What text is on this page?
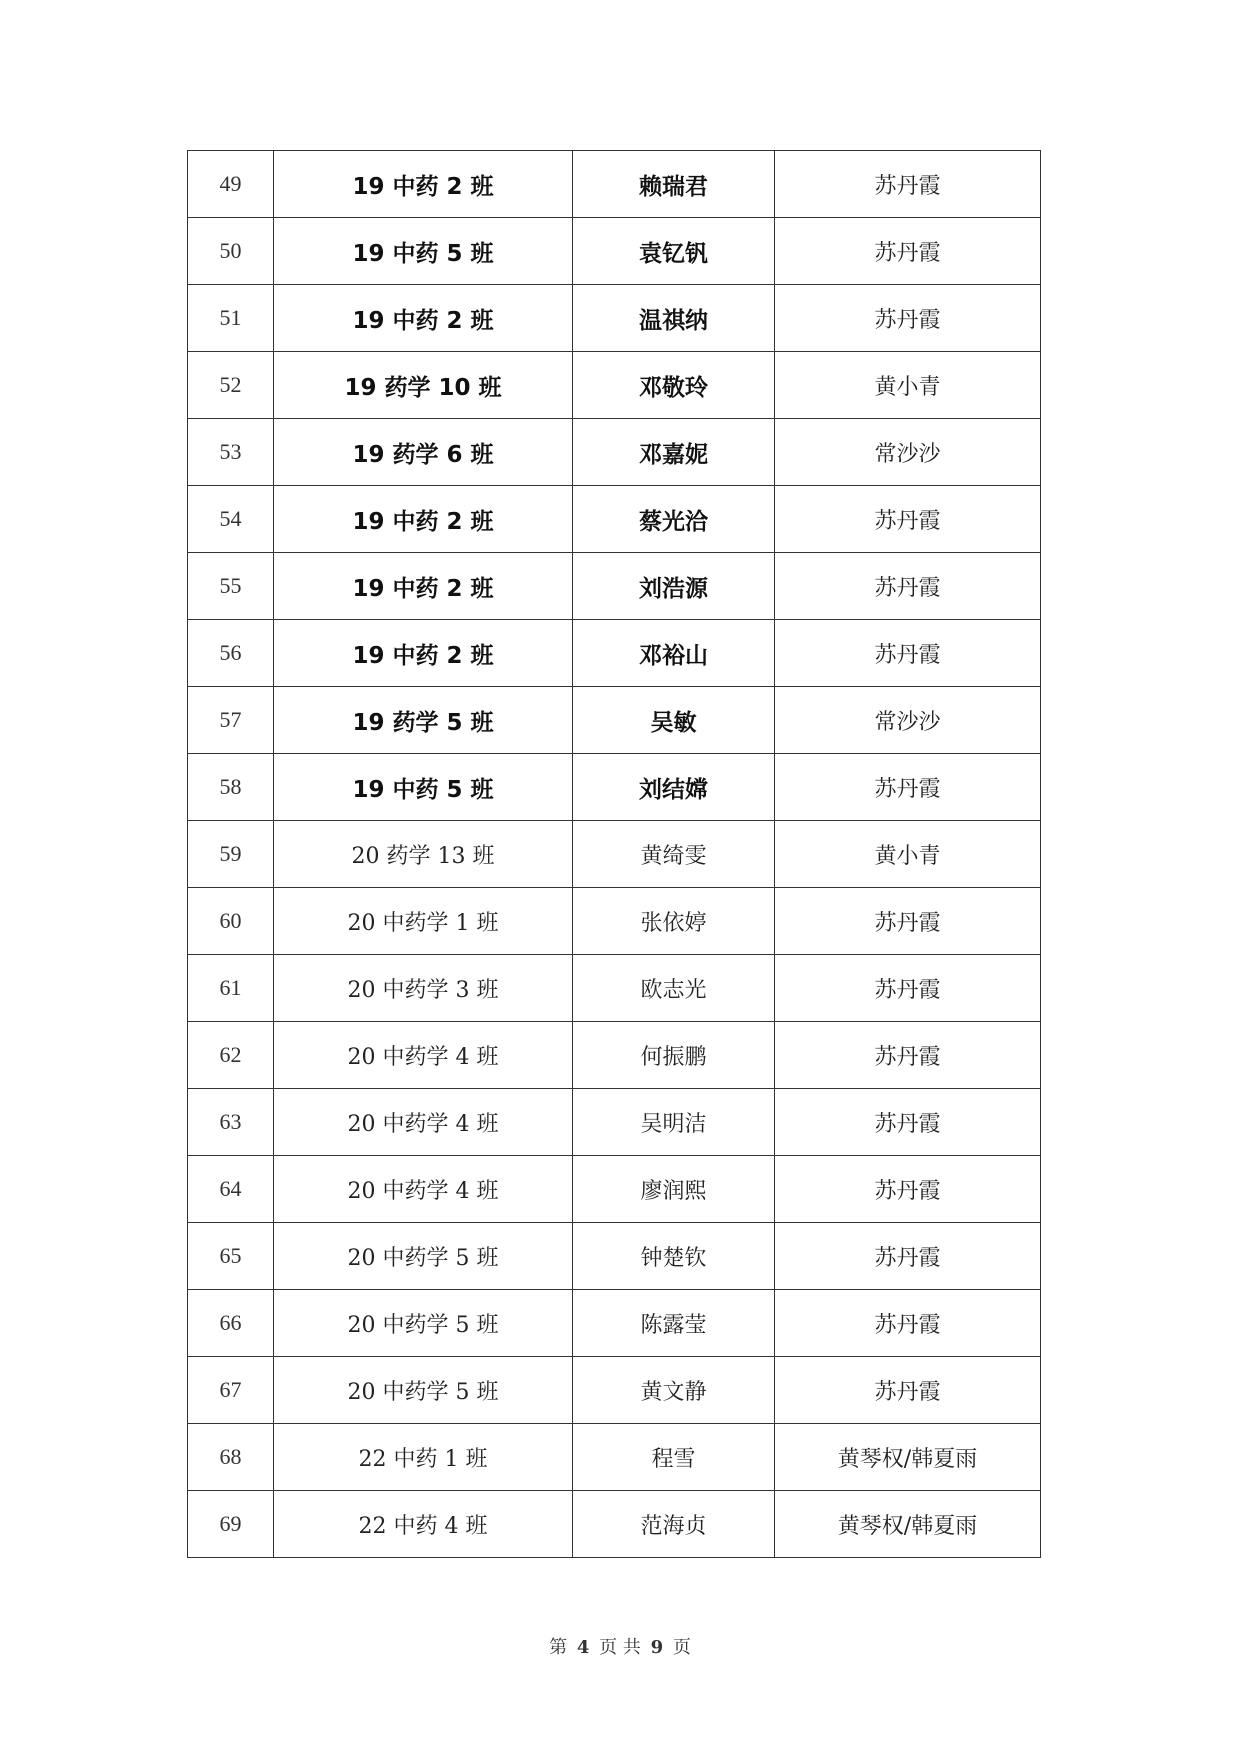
49	19 中药 2 班	赖瑞君	苏丹霞
50	19 中药 5 班	袁钇钒	苏丹霞
51	19 中药 2 班	温祺纳	苏丹霞
52	19 药学 10 班	邓敬玲	黄小青
53	19 药学 6 班	邓嘉妮	常沙沙
54	19 中药 2 班	蔡光洽	苏丹霞
55	19 中药 2 班	刘浩源	苏丹霞
56	19 中药 2 班	邓裕山	苏丹霞
57	19 药学 5 班	吴敏	常沙沙
58	19 中药 5 班	刘结嫦	苏丹霞
59	20 药学 13 班	黄绮雯	黄小青
60	20 中药学 1 班	张依婷	苏丹霞
61	20 中药学 3 班	欧志光	苏丹霞
62	20 中药学 4 班	何振鹏	苏丹霞
63	20 中药学 4 班	吴明洁	苏丹霞
64	20 中药学 4 班	廖润熙	苏丹霞
65	20 中药学 5 班	钟楚钦	苏丹霞
66	20 中药学 5 班	陈露莹	苏丹霞
67	20 中药学 5 班	黄文静	苏丹霞
68	22 中药 1 班	程雪	黄琴权/韩夏雨
69	22 中药 4 班	范海贞	黄琴权/韩夏雨
第 4 页 共 9 页
